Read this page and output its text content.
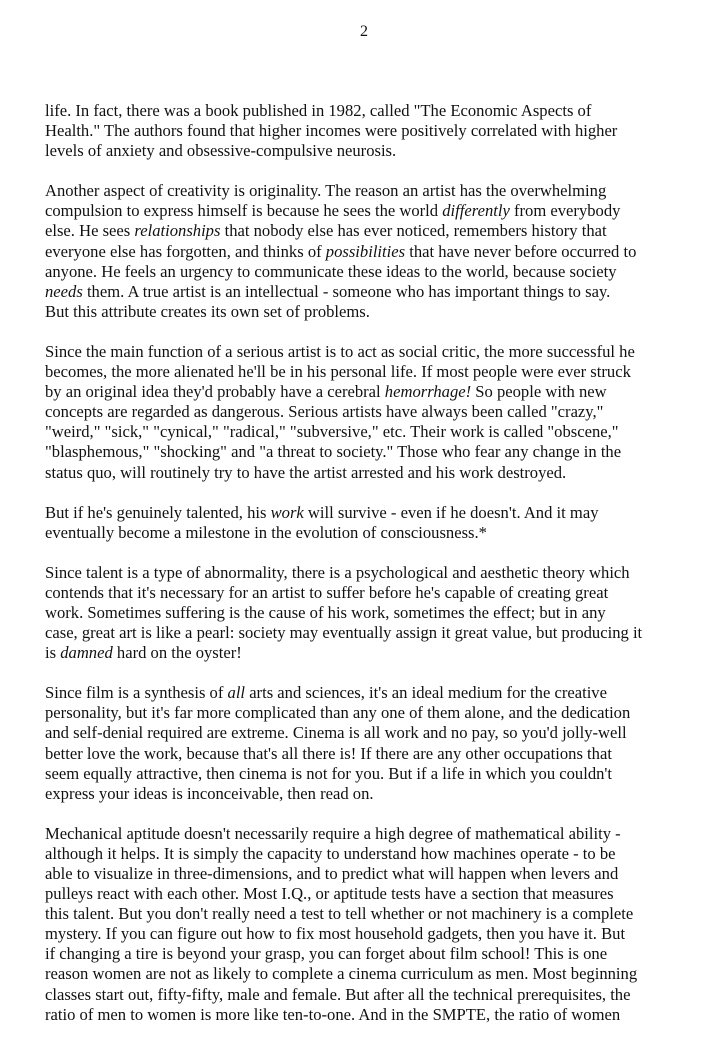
2

life. In fact, there was a book published in 1982, called "The Economic Aspects of
Health." The authors found that higher incomes were positively correlated with higher
levels of anxiety and obsessive-compulsive neurosis.

Another aspect of creativity is originality. The reason an artist has the overwhelming
compulsion to express himself is because he sees the world differently from everybody
else. He sees relationships that nobody else has ever noticed, remembers history that
everyone else has forgotten, and thinks of possibilities that have never before occurred to
anyone. He feels an urgency to communicate these ideas to the world, because society
needs them. A true artist is an intellectual - someone who has important things to say.
But this attribute creates its own set of problems.

Since the main function of a serious artist is to act as social critic, the more successful he
becomes, the more alienated he'll be in his personal life. If most people were ever struck
by an original idea they'd probably have a cerebral hemorrhage! So people with new
concepts are regarded as dangerous. Serious artists have always been called "crazy,"
"weird," "sick," "cynical," "radical," "subversive," etc. Their work is called "obscene,"
"blasphemous," "shocking" and "a threat to society." Those who fear any change in the
status quo, will routinely try to have the artist arrested and his work destroyed.

But if he's genuinely talented, his work will survive - even if he doesn't. And it may
eventually become a milestone in the evolution of consciousness.*

Since talent is a type of abnormality, there is a psychological and aesthetic theory which
contends that it's necessary for an artist to suffer before he's capable of creating great
work. Sometimes suffering is the cause of his work, sometimes the effect; but in any
case, great art is like a pearl: society may eventually assign it great value, but producing it
is damned hard on the oyster!

Since film is a synthesis of all arts and sciences, it's an ideal medium for the creative
personality, but it's far more complicated than any one of them alone, and the dedication
and self-denial required are extreme. Cinema is all work and no pay, so you'd jolly-well
better love the work, because that's all there is! If there are any other occupations that
seem equally attractive, then cinema is not for you. But if a life in which you couldn't
express your ideas is inconceivable, then read on.

Mechanical aptitude doesn't necessarily require a high degree of mathematical ability -
although it helps. It is simply the capacity to understand how machines operate - to be
able to visualize in three-dimensions, and to predict what will happen when levers and
pulleys react with each other. Most I.Q., or aptitude tests have a section that measures
this talent. But you don't really need a test to tell whether or not machinery is a complete
mystery. If you can figure out how to fix most household gadgets, then you have it. But
if changing a tire is beyond your grasp, you can forget about film school! This is one
reason women are not as likely to complete a cinema curriculum as men. Most beginning
classes start out, fifty-fifty, male and female. But after all the technical prerequisites, the
ratio of men to women is more like ten-to-one. And in the SMPTE, the ratio of women
